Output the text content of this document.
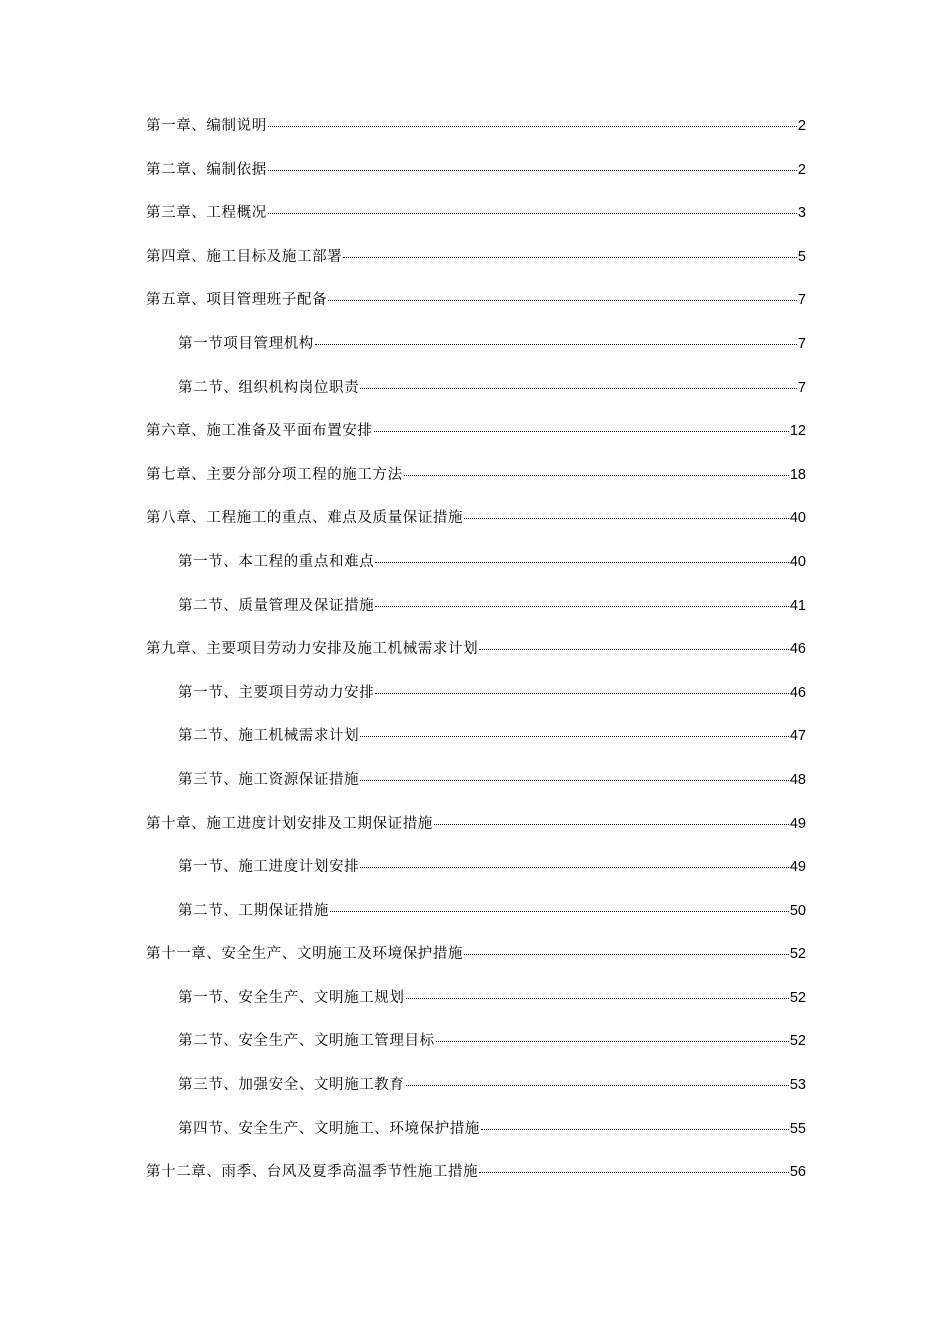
第一章、编制说明	2
第二章、编制依据	2
第三章、工程概况	3
第四章、施工目标及施工部署	5
第五章、项目管理班子配备	7
第一节项目管理机构	7
第二节、组织机构岗位职责	7
第六章、施工准备及平面布置安排	12
第七章、主要分部分项工程的施工方法	18
第八章、工程施工的重点、难点及质量保证措施	40
第一节、本工程的重点和难点	40
第二节、质量管理及保证措施	41
第九章、主要项目劳动力安排及施工机械需求计划	46
第一节、主要项目劳动力安排	46
第二节、施工机械需求计划	47
第三节、施工资源保证措施	48
第十章、施工进度计划安排及工期保证措施	49
第一节、施工进度计划安排	49
第二节、工期保证措施	50
第十一章、安全生产、文明施工及环境保护措施	52
第一节、安全生产、文明施工规划	52
第二节、安全生产、文明施工管理目标	52
第三节、加强安全、文明施工教育	53
第四节、安全生产、文明施工、环境保护措施	55
第十二章、雨季、台风及夏季高温季节性施工措施	56
